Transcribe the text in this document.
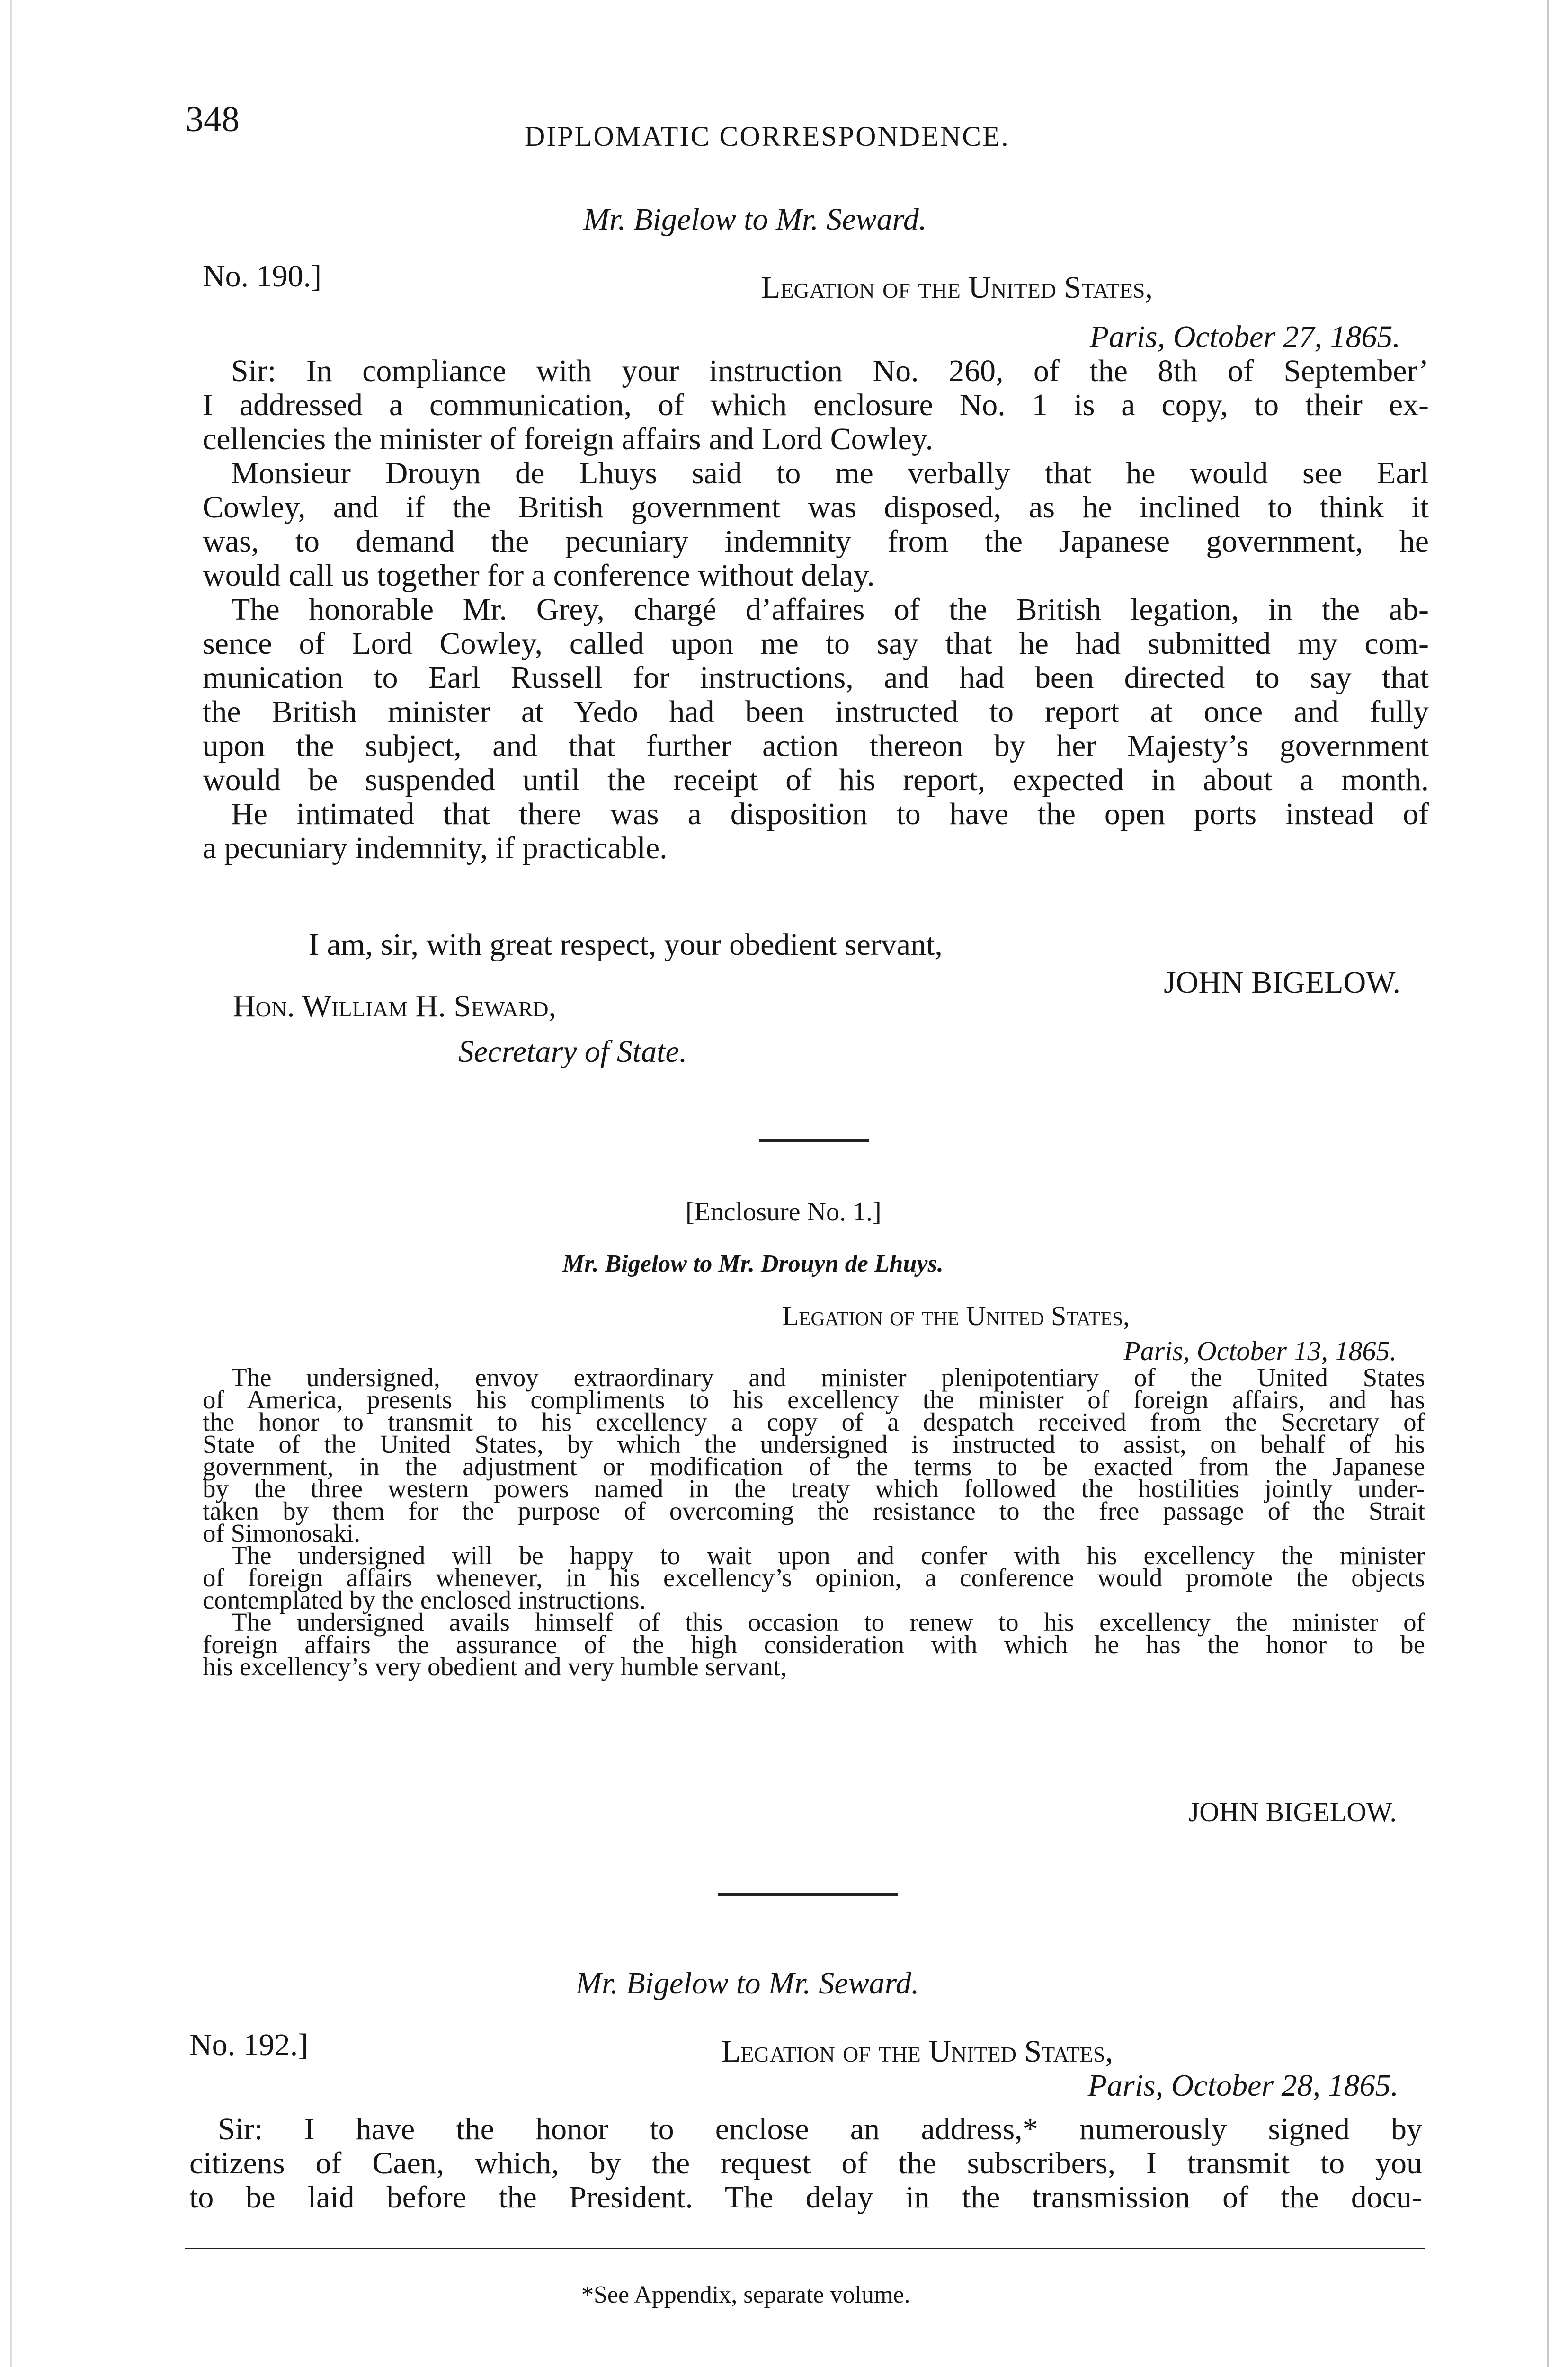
348	DIPLOMATIC CORRESPONDENCE.
Mr. Bigelow to Mr. Seward.
No. 190.]	Legation of the United States,
Paris, October 27, 1865.

Sir: In compliance with your instruction No. 260, of the 8th of September’

I addressed a communication, of which enclosure No. 1 is a copy, to their ex-

cellencies the minister of foreign affairs and Lord Cowley.

Monsieur Drouyn de Lhuys said to me verbally that he would see Earl

Cowley, and if the British government was disposed, as he inclined to think it

was, to demand the pecuniary indemnity from the Japanese government, he

would call us together for a conference without delay.

The honorable Mr. Grey, chargé d’affaires of the British legation, in the ab-

sence of Lord Cowley, called upon me to say that he had submitted my com-

munication to Earl Russell for instructions, and had been directed to say that

the British minister at Yedo had been instructed to report at once and fully

upon the subject, and that further action thereon by her Majesty’s government

would be suspended until the receipt of his report, expected in about a month.

He intimated that there was a disposition to have the open ports instead of

a pecuniary indemnity, if practicable.

I am, sir, with great respect, your obedient servant,
JOHN BIGELOW.
Hon. William H. Seward,
Secretary of State.
[Enclosure No. 1.]
Mr. Bigelow to Mr. Drouyn de Lhuys.
Legation of the United States,
Paris, October 13, 1865.

The undersigned, envoy extraordinary and minister plenipotentiary of the United States

of America, presents his compliments to his excellency the minister of foreign affairs, and has

the honor to transmit to his excellency a copy of a despatch received from the Secretary of

State of the United States, by which the undersigned is instructed to assist, on behalf of his

government, in the adjustment or modification of the terms to be exacted from the Japanese

by the three western powers named in the treaty which followed the hostilities jointly under-

taken by them for the purpose of overcoming the resistance to the free passage of the Strait

of Simonosaki.

The undersigned will be happy to wait upon and confer with his excellency the minister

of foreign affairs whenever, in his excellency’s opinion, a conference would promote the objects

contemplated by the enclosed instructions.

The undersigned avails himself of this occasion to renew to his excellency the minister of

foreign affairs the assurance of the high consideration with which he has the honor to be

his excellency’s very obedient and very humble servant,

JOHN BIGELOW.
Mr. Bigelow to Mr. Seward.
No. 192.]	Legation of the United States,
Paris, October 28, 1865.

Sir: I have the honor to enclose an address,* numerously signed by

citizens of Caen, which, by the request of the subscribers, I transmit to you

to be laid before the President. The delay in the transmission of the docu-

*See Appendix, separate volume.
